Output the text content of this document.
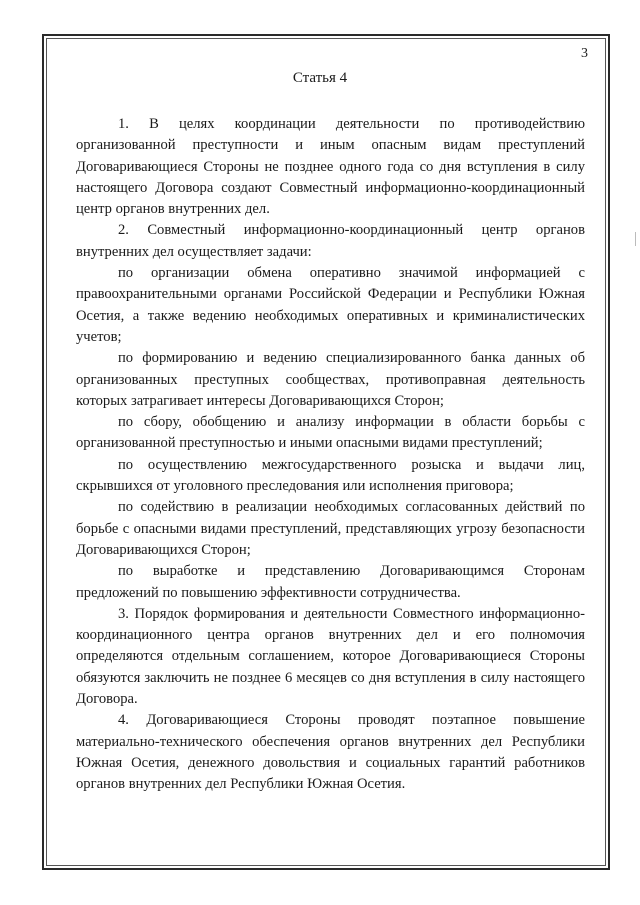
3
Статья 4

1. В целях координации деятельности по противодействию организованной преступности и иным опасным видам преступлений Договаривающиеся Стороны не позднее одного года со дня вступления в силу настоящего Договора создают Совместный информационно-координационный центр органов внутренних дел.

2. Совместный информационно-координационный центр органов внутренних дел осуществляет задачи:

по организации обмена оперативно значимой информацией с правоохранительными органами Российской Федерации и Республики Южная Осетия, а также ведению необходимых оперативных и криминалистических учетов;

по формированию и ведению специализированного банка данных об организованных преступных сообществах, противоправная деятельность которых затрагивает интересы Договаривающихся Сторон;

по сбору, обобщению и анализу информации в области борьбы с организованной преступностью и иными опасными видами преступлений;

по осуществлению межгосударственного розыска и выдачи лиц, скрывшихся от уголовного преследования или исполнения приговора;

по содействию в реализации необходимых согласованных действий по борьбе с опасными видами преступлений, представляющих угрозу безопасности Договаривающихся Сторон;

по выработке и представлению Договаривающимся Сторонам предложений по повышению эффективности сотрудничества.

3. Порядок формирования и деятельности Совместного информационно-координационного центра органов внутренних дел и его полномочия определяются отдельным соглашением, которое Договаривающиеся Стороны обязуются заключить не позднее 6 месяцев со дня вступления в силу настоящего Договора.

4. Договаривающиеся Стороны проводят поэтапное повышение материально-технического обеспечения органов внутренних дел Республики Южная Осетия, денежного довольствия и социальных гарантий работников органов внутренних дел Республики Южная Осетия.
